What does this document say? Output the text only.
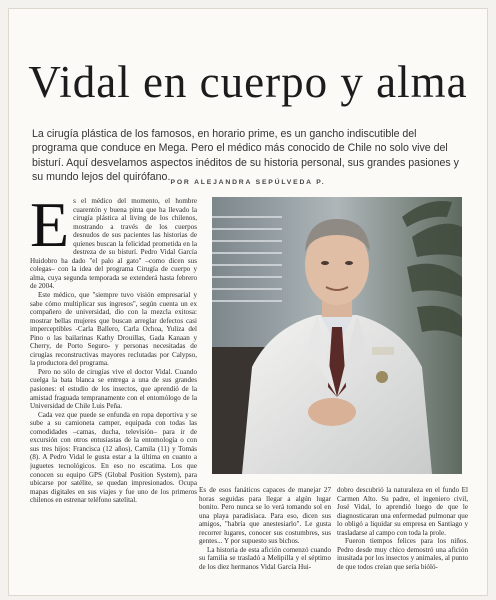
Vidal en cuerpo y alma
La cirugía plástica de los famosos, en horario prime, es un gancho indiscutible del programa que conduce en Mega. Pero el médico más conocido de Chile no solo vive del bisturí. Aquí desvelamos aspectos inéditos de su historia personal, sus grandes pasiones y su mundo lejos del quirófano. POR ALEJANDRA SEPÚLVEDA P.
E s el médico del momento, el hombre cuarentón y buena pinta que ha llevado la cirugía plástica al living de los chilenos, mostrando a través de los cuerpos desnudos de sus pacientes las historias de quienes buscan la felicidad prometida en la destreza de su bisturí. Pedro Vidal García Huidobro ha dado "el palo al gato" –como dicen sus colegas– con la idea del programa Cirugía de cuerpo y alma, cuya segunda temporada se extenderá hasta febrero de 2004.

Este médico, que "siempre tuvo visión empresarial y sabe cómo multiplicar sus ingresos", según cuenta un ex compañero de universidad, dio con la mezcla exitosa: mostrar bellas mujeres que buscan arreglar defectos casi imperceptibles -Carla Ballero, Carla Ochoa, Yuliza del Pino o las bailarinas Kathy Drouillas, Gada Kanaan y Cherry, de Porto Seguro- y personas necesitadas de cirugías reconstructivas mayores reclutadas por Calypso, la productora del programa.

Pero no sólo de cirugías vive el doctor Vidal. Cuando cuelga la bata blanca se entrega a una de sus grandes pasiones: el estudio de los insectos, que aprendió de la amistad fraguada tempranamente con el entomólogo de la Universidad de Chile Luis Peña.

Cada vez que puede se enfunda en ropa deportiva y se sube a su camioneta camper, equipada con todas las comodidades –camas, ducha, televisión– para ir de excursión con otros entusiastas de la entomología o con sus tres hijos: Francisca (12 años), Camila (11) y Tomás (8). A Pedro Vidal le gusta estar a la última en cuanto a juguetes tecnológicos. En eso no escatima. Los que conocen su equipo GPS (Global Position System), para ubicarse por satélite, se quedan impresionados. Ocupa mapas digitales en sus viajes y fue uno de los primeros chilenos en estrenar teléfono satelital.

Es de esos fanáticos capaces de manejar 27 horas seguidas para llegar a algún lugar bonito. Pero nunca se lo verá tomando sol en una playa paradisíaca. Para eso, dicen sus amigos, "habría que anestesiarlo". Le gusta recorrer lugares, conocer sus costumbres, sus gentes... Y por supuesto sus bichos.

La historia de esta afición comenzó cuando su familia se trasladó a Melipilla y el séptimo de los diez hermanos Vidal García Hui-

dobro descubrió la naturaleza en el fundo El Carmen Alto. Su padre, el ingeniero civil, José Vidal, lo aprendió luego de que le diagnosticaran una enfermedad pulmonar que lo obligó a liquidar su empresa en Santiago y trasladarse al campo con toda la prole.

Fueron tiempos felices para los niños. Pedro desde muy chico demostró una afición inusitada por los insectos y animales, al punto de que todos creían que sería bióló-
